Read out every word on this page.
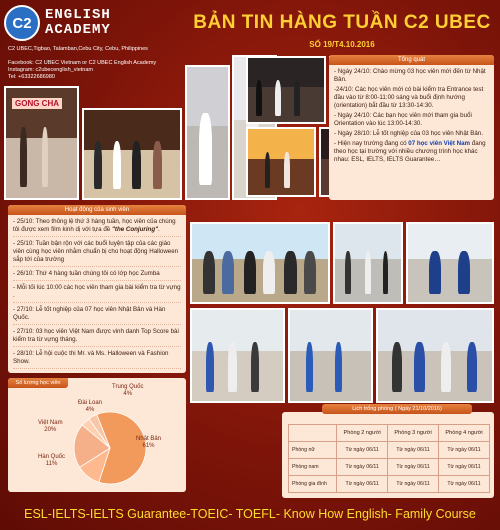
C2 ENGLISH
ACADEMY
C2 UBEC,Tigbao, Talamban,Cebu City, Cebu, Philippines
Facebook: C2 UBEC Vietnam or C2 UBEC English Academy
Instagram: c2ubecenglish_vietnam
Tel: +63322686980
BẢN TIN HÀNG TUẦN C2 UBEC
SỐ 19/T4.10.2016
GONG CHA
Tổng quát

- Ngày 24/10: Chào mừng 03 học viên mới đến từ Nhật Bản.

-24/10: Các học viên mới có bài kiểm tra Entrance test đầu vào từ 8:00-11:00 sáng và buổi định hướng (orientation) bắt đầu từ 13:30-14:30.

- Ngày 24/10: Các bạn học viên mới tham gia buổi Orientation vào lúc 13:00-14:30.

- Ngày 28/10: Lễ tốt nghiệp của 03 học viên Nhật Bản.

- Hiện nay trường đang có 07 học viên Việt Nam đang theo học tại trường với nhiều chương trình học khác nhau: ESL, IELTS, IELTS Guarantee…

Hoạt động của sinh viên
- 25/10: Theo thông lệ thứ 3 hàng tuần, học viên của chúng tôi được xem film kinh dị với tựa đề "the Conjuring".
- 25/10: Tuần bận rộn với các buổi luyện tập của các giáo viên cùng học viên nhằm chuẩn bị cho hoạt động Halloween sắp tới của trường
- 26/10: Thứ 4 hàng tuần chúng tôi có lớp học Zumba
- Mỗi tối lúc 10:00 các học viên tham gia bài kiểm tra từ vựng .
- 27/10: Lễ tốt nghiệp của 07 học viên Nhật Bản và Hàn Quốc.
- 27/10: 03 học viên Việt Nam được vinh danh Top Score bài kiểm tra từ vựng tháng.
- 28/10: Lễ hội cuộc thi Mr. và Ms. Halloween và Fashion Show.
Số lượng học viên
Nhật Bản
61%
Hàn Quốc
11%
Việt Nam
20%
Đài Loan
4%
Trung Quốc
4%
Lịch trống phòng ( Ngày 21/10/2016)
	Phòng 2 người	Phòng 3 người	Phòng 4 người
Phòng nữ	Từ ngày 06/11	Từ ngày 06/11	Từ ngày 06/11
Phòng nam	Từ ngày 06/11	Từ ngày 06/11	Từ ngày 06/11
Phòng gia đình	Từ ngày 06/11	Từ ngày 06/11	Từ ngày 06/11
ESL-IELTS-IELTS Guarantee-TOEIC- TOEFL- Know How English- Family Course
